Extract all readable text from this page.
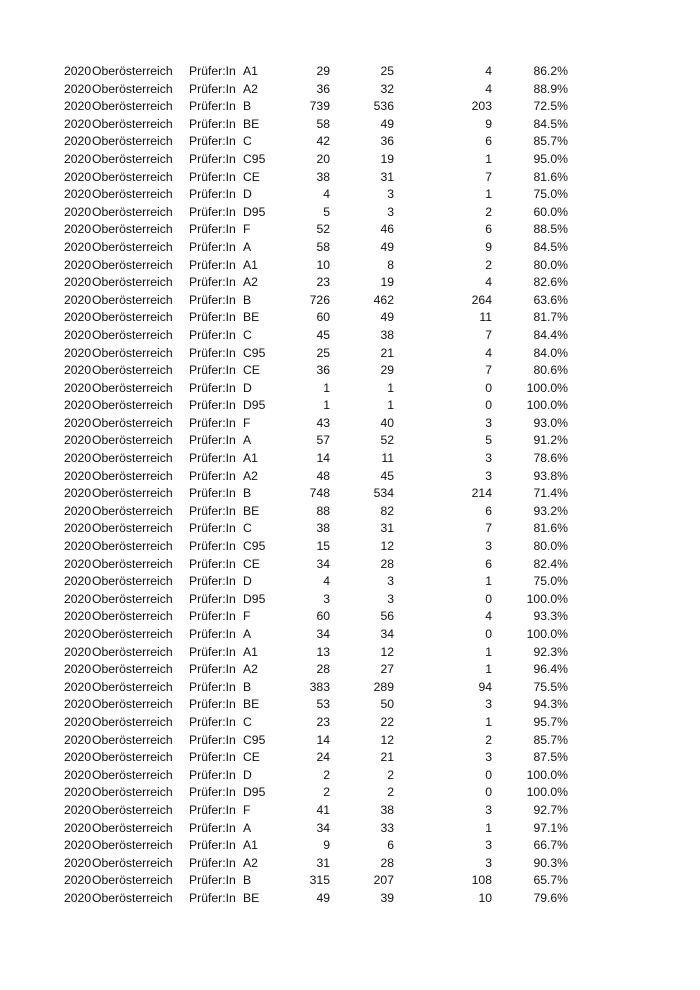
2020 Oberösterreich Prüfer:In A1	29	25	4	86.2%
2020 Oberösterreich Prüfer:In A2	36	32	4	88.9%
2020 Oberösterreich Prüfer:In B	739	536	203	72.5%
2020 Oberösterreich Prüfer:In BE	58	49	9	84.5%
2020 Oberösterreich Prüfer:In C	42	36	6	85.7%
2020 Oberösterreich Prüfer:In C95	20	19	1	95.0%
2020 Oberösterreich Prüfer:In CE	38	31	7	81.6%
2020 Oberösterreich Prüfer:In D	4	3	1	75.0%
2020 Oberösterreich Prüfer:In D95	5	3	2	60.0%
2020 Oberösterreich Prüfer:In F	52	46	6	88.5%
2020 Oberösterreich Prüfer:In A	58	49	9	84.5%
2020 Oberösterreich Prüfer:In A1	10	8	2	80.0%
2020 Oberösterreich Prüfer:In A2	23	19	4	82.6%
2020 Oberösterreich Prüfer:In B	726	462	264	63.6%
2020 Oberösterreich Prüfer:In BE	60	49	11	81.7%
2020 Oberösterreich Prüfer:In C	45	38	7	84.4%
2020 Oberösterreich Prüfer:In C95	25	21	4	84.0%
2020 Oberösterreich Prüfer:In CE	36	29	7	80.6%
2020 Oberösterreich Prüfer:In D	1	1	0	100.0%
2020 Oberösterreich Prüfer:In D95	1	1	0	100.0%
2020 Oberösterreich Prüfer:In F	43	40	3	93.0%
2020 Oberösterreich Prüfer:In A	57	52	5	91.2%
2020 Oberösterreich Prüfer:In A1	14	11	3	78.6%
2020 Oberösterreich Prüfer:In A2	48	45	3	93.8%
2020 Oberösterreich Prüfer:In B	748	534	214	71.4%
2020 Oberösterreich Prüfer:In BE	88	82	6	93.2%
2020 Oberösterreich Prüfer:In C	38	31	7	81.6%
2020 Oberösterreich Prüfer:In C95	15	12	3	80.0%
2020 Oberösterreich Prüfer:In CE	34	28	6	82.4%
2020 Oberösterreich Prüfer:In D	4	3	1	75.0%
2020 Oberösterreich Prüfer:In D95	3	3	0	100.0%
2020 Oberösterreich Prüfer:In F	60	56	4	93.3%
2020 Oberösterreich Prüfer:In A	34	34	0	100.0%
2020 Oberösterreich Prüfer:In A1	13	12	1	92.3%
2020 Oberösterreich Prüfer:In A2	28	27	1	96.4%
2020 Oberösterreich Prüfer:In B	383	289	94	75.5%
2020 Oberösterreich Prüfer:In BE	53	50	3	94.3%
2020 Oberösterreich Prüfer:In C	23	22	1	95.7%
2020 Oberösterreich Prüfer:In C95	14	12	2	85.7%
2020 Oberösterreich Prüfer:In CE	24	21	3	87.5%
2020 Oberösterreich Prüfer:In D	2	2	0	100.0%
2020 Oberösterreich Prüfer:In D95	2	2	0	100.0%
2020 Oberösterreich Prüfer:In F	41	38	3	92.7%
2020 Oberösterreich Prüfer:In A	34	33	1	97.1%
2020 Oberösterreich Prüfer:In A1	9	6	3	66.7%
2020 Oberösterreich Prüfer:In A2	31	28	3	90.3%
2020 Oberösterreich Prüfer:In B	315	207	108	65.7%
2020 Oberösterreich Prüfer:In BE	49	39	10	79.6%
